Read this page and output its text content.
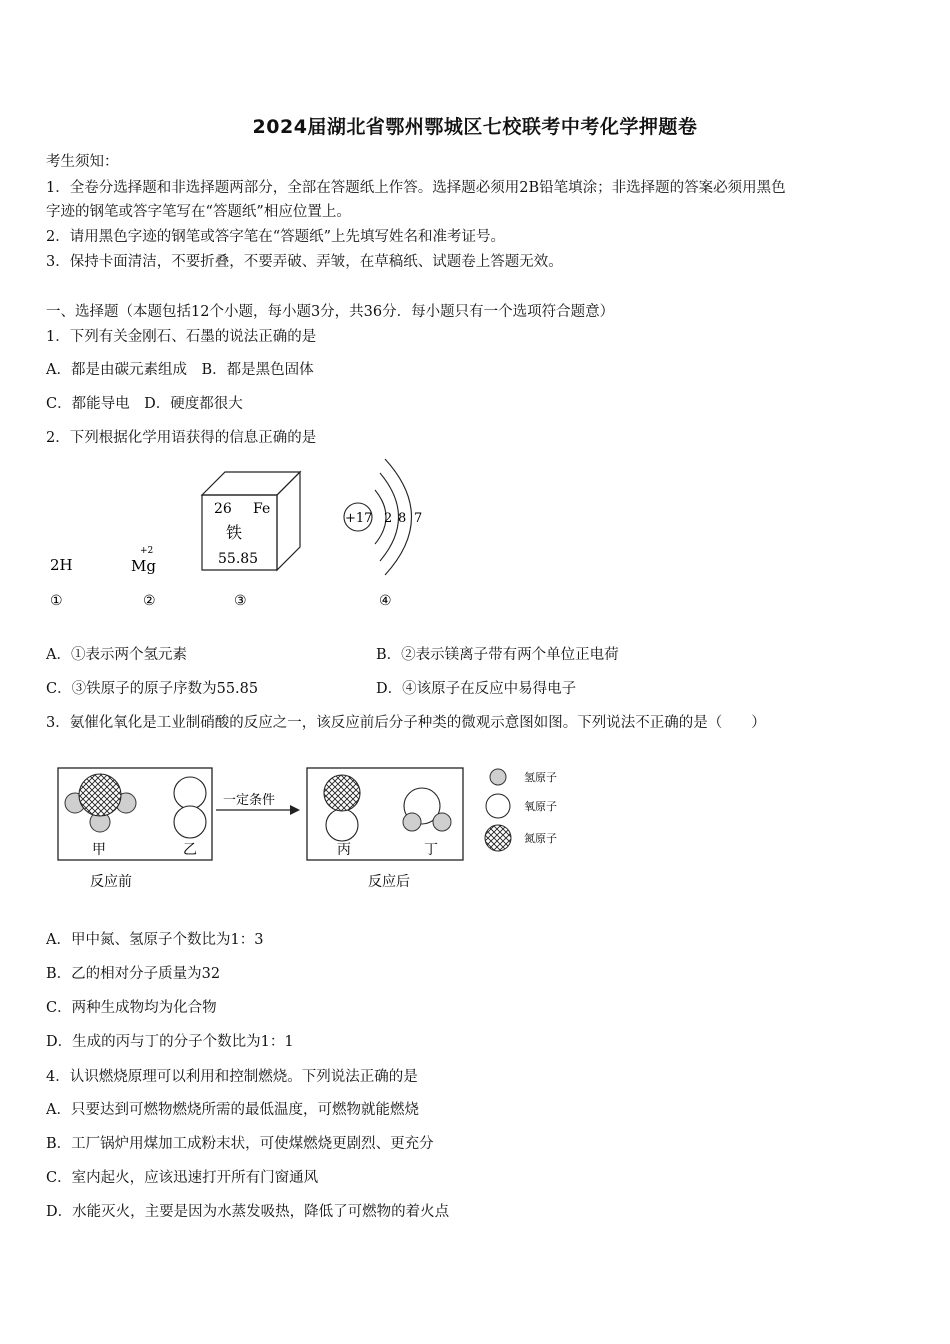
2024届湖北省鄂州鄂城区七校联考中考化学押题卷
考生须知：
1．全卷分选择题和非选择题两部分，全部在答题纸上作答。选择题必须用2B铅笔填涂；非选择题的答案必须用黑色
字迹的钢笔或答字笔写在“答题纸”相应位置上。
2．请用黑色字迹的钢笔或答字笔在“答题纸”上先填写姓名和准考证号。
3．保持卡面清洁，不要折叠，不要弄破、弄皱，在草稿纸、试题卷上答题无效。
一、选择题（本题包括12个小题，每小题3分，共36分．每小题只有一个选项符合题意）
1．下列有关金刚石、石墨的说法正确的是
A．都是由碳元素组成　B．都是黑色固体
C．都能导电　D．硬度都很大
2．下列根据化学用语获得的信息正确的是
2H
+2
Mg
26 Fe
铁
55.85
+17 2 8 7
①	②	③	④
A．①表示两个氢元素	B．②表示镁离子带有两个单位正电荷
C．③铁原子的原子序数为55.85	D．④该原子在反应中易得电子
3．氨催化氧化是工业制硝酸的反应之一，该反应前后分子种类的微观示意图如图。下列说法不正确的是（　　）
甲	乙
反应前
一定条件
丙	丁
反应后
氢原子
氧原子
氮原子
A．甲中氮、氢原子个数比为1：3
B．乙的相对分子质量为32
C．两种生成物均为化合物
D．生成的丙与丁的分子个数比为1：1
4．认识燃烧原理可以利用和控制燃烧。下列说法正确的是
A．只要达到可燃物燃烧所需的最低温度，可燃物就能燃烧
B．工厂锅炉用煤加工成粉末状，可使煤燃烧更剧烈、更充分
C．室内起火，应该迅速打开所有门窗通风
D．水能灭火，主要是因为水蒸发吸热，降低了可燃物的着火点
